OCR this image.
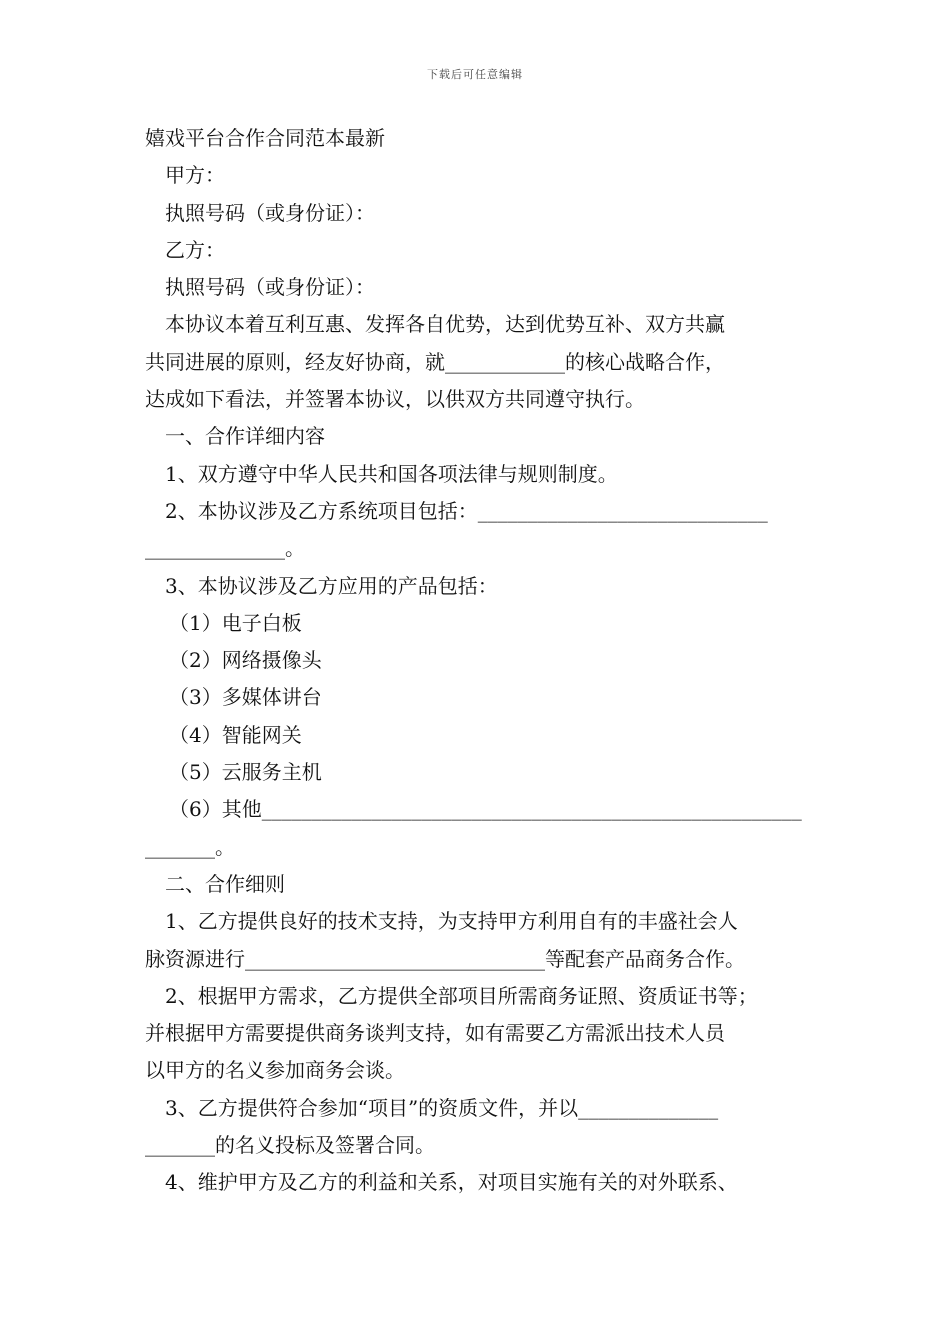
下载后可任意编辑
嬉戏平台合作合同范本最新
甲方：
执照号码（或身份证）：
乙方：
执照号码（或身份证）：
本协议本着互利互惠、发挥各自优势，达到优势互补、双方共赢
共同进展的原则，经友好协商，就____________的核心战略合作，
达成如下看法，并签署本协议，以供双方共同遵守执行。
一、合作详细内容
1、双方遵守中华人民共和国各项法律与规则制度。
2、本协议涉及乙方系统项目包括：_____________________________
______________。
3、本协议涉及乙方应用的产品包括：
（1）电子白板
（2）网络摄像头
（3）多媒体讲台
（4）智能网关
（5）云服务主机
（6）其他______________________________________________________
_______。
二、合作细则
1、乙方提供良好的技术支持，为支持甲方利用自有的丰盛社会人
脉资源进行______________________________等配套产品商务合作。
2、根据甲方需求，乙方提供全部项目所需商务证照、资质证书等；
并根据甲方需要提供商务谈判支持，如有需要乙方需派出技术人员
以甲方的名义参加商务会谈。
3、乙方提供符合参加“项目”的资质文件，并以______________
_______的名义投标及签署合同。
4、维护甲方及乙方的利益和关系，对项目实施有关的对外联系、
